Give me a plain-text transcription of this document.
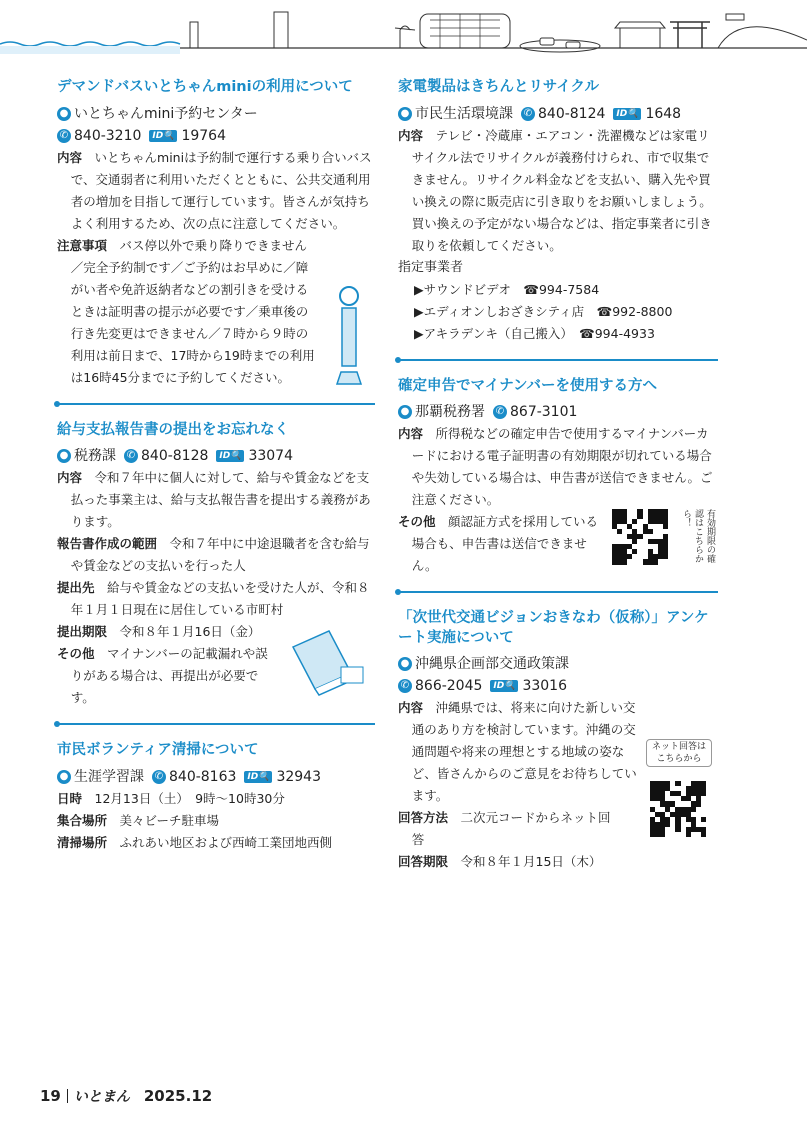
デマンドバスいとちゃんminiの利用について
● いとちゃんmini予約センター
✆ 840-3210	ID🔍 19764

内容　 いとちゃんminiは予約制で運行する乗り合いバスで、交通弱者に利用いただくとともに、公共交通利用者の増加を目指して運行しています。皆さんが気持ちよく利用するため、次の点に注意してください。

注意事項　 バス停以外で乗り降りできません／完全予約制です／ご予約はお早めに／障がい者や免許返納者などの割引きを受けるときは証明書の提示が必要です／乗車後の行き先変更はできません／７時から９時の利用は前日まで、17時から19時までの利用は16時45分までに予約してください。

給与支払報告書の提出をお忘れなく
● 税務課 ✆ 840-8128	ID🔍 33074

内容　 令和７年中に個人に対して、給与や賃金などを支払った事業主は、給与支払報告書を提出する義務があります。

報告書作成の範囲　 令和７年中に中途退職者を含む給与や賃金などの支払いを行った人

提出先　 給与や賃金などの支払いを受けた人が、令和８年１月１日現在に居住している市町村

提出期限　 令和８年１月16日（金）

その他　 マイナンバーの記載漏れや誤りがある場合は、再提出が必要です。

市民ボランティア清掃について
● 生涯学習課 ✆ 840-8163	ID🔍 32943

日時　 12月13日（土）　9時～10時30分

集合場所　 美々ビーチ駐車場

清掃場所　 ふれあい地区および西崎工業団地西側

家電製品はきちんとリサイクル
● 市民生活環境課 ✆ 840-8124	ID🔍 1648

内容　 テレビ・冷蔵庫・エアコン・洗濯機などは家電リサイクル法でリサイクルが義務付けられ、市で収集できません。リサイクル料金などを支払い、購入先や買い換えの際に販売店に引き取りをお願いしましょう。買い換えの予定がない場合などは、指定事業者に引き取りを依頼してください。

指定事業者

▶サウンドビデオ　 ☎994-7584

▶エディオンしおざきシティ店　 ☎992-8800

▶アキラデンキ（自己搬入）　 ☎994-4933

確定申告でマイナンバーを使用する方へ
● 那覇税務署 ✆ 867-3101

内容　 所得税などの確定申告で使用するマイナンバーカードにおける電子証明書の有効期限が切れている場合や失効している場合は、申告書が送信できません。ご注意ください。

その他　 顔認証方式を採用している場合も、申告書は送信できません。

有効期限の確認はこちらから！
「次世代交通ビジョンおきなわ（仮称）」アンケート実施について
● 沖縄県企画部交通政策課
✆ 866-2045	ID🔍 33016

内容　 沖縄県では、将来に向けた新しい交通のあり方を検討しています。沖縄の交通問題や将来の理想とする地域の姿など、皆さんからのご意見をお待ちしています。

回答方法　 二次元コードからネット回答

回答期限　 令和８年１月15日（木）

ネット回答はこちらから
19 いとまん 2025.12
